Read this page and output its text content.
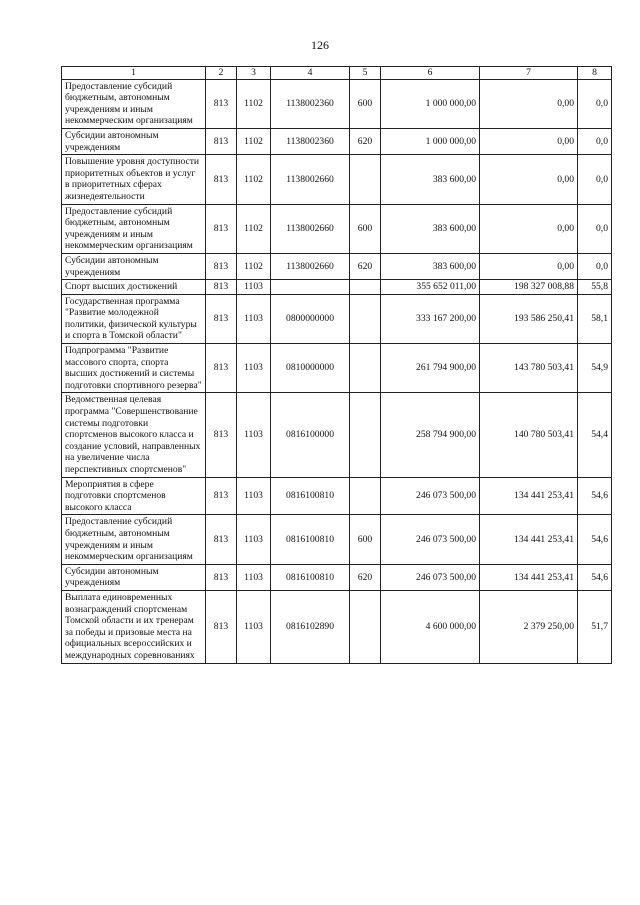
126
1	2	3	4	5	6	7	8
Предоставление субсидий бюджетным, автономным учреждениям и иным некоммерческим организациям	813	1102	1138002360	600	1 000 000,00	0,00	0,0
Субсидии автономным учреждениям	813	1102	1138002360	620	1 000 000,00	0,00	0,0
Повышение уровня доступности приоритетных объектов и услуг в приоритетных сферах жизнедеятельности	813	1102	1138002660		383 600,00	0,00	0,0
Предоставление субсидий бюджетным, автономным учреждениям и иным некоммерческим организациям	813	1102	1138002660	600	383 600,00	0,00	0,0
Субсидии автономным учреждениям	813	1102	1138002660	620	383 600,00	0,00	0,0
Спорт высших достижений	813	1103			355 652 011,00	198 327 008,88	55,8
Государственная программа "Развитие молодежной политики, физической культуры и спорта в Томской области"	813	1103	0800000000		333 167 200,00	193 586 250,41	58,1
Подпрограмма "Развитие массового спорта, спорта высших достижений и системы подготовки спортивного резерва"	813	1103	0810000000		261 794 900,00	143 780 503,41	54,9
Ведомственная целевая программа "Совершенствование системы подготовки спортсменов высокого класса и создание условий, направленных на увеличение числа перспективных спортсменов"	813	1103	0816100000		258 794 900,00	140 780 503,41	54,4
Мероприятия в сфере подготовки спортсменов высокого класса	813	1103	0816100810		246 073 500,00	134 441 253,41	54,6
Предоставление субсидий бюджетным, автономным учреждениям и иным некоммерческим организациям	813	1103	0816100810	600	246 073 500,00	134 441 253,41	54,6
Субсидии автономным учреждениям	813	1103	0816100810	620	246 073 500,00	134 441 253,41	54,6
Выплата единовременных вознаграждений спортсменам Томской области и их тренерам за победы и призовые места на официальных всероссийских и международных соревнованиях	813	1103	0816102890		4 600 000,00	2 379 250,00	51,7
